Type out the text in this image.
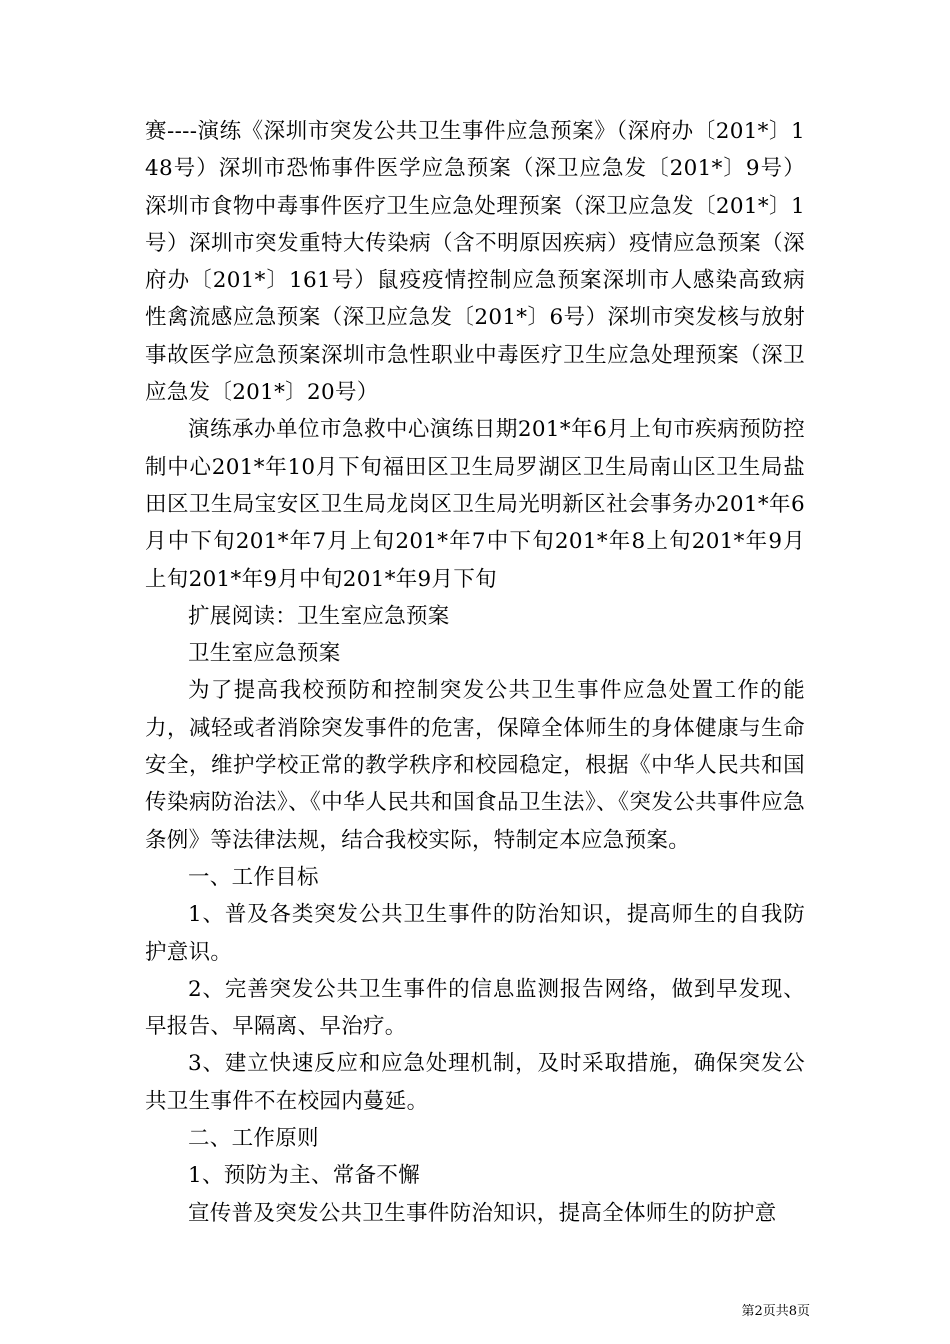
赛----演练《深圳市突发公共卫生事件应急预案》（深府办〔201*〕148号）深圳市恐怖事件医学应急预案（深卫应急发〔201*〕9号）深圳市食物中毒事件医疗卫生应急处理预案（深卫应急发〔201*〕1号）深圳市突发重特大传染病（含不明原因疾病）疫情应急预案（深府办〔201*〕161号）鼠疫疫情控制应急预案深圳市人感染高致病性禽流感应急预案（深卫应急发〔201*〕6号）深圳市突发核与放射事故医学应急预案深圳市急性职业中毒医疗卫生应急处理预案（深卫应急发〔201*〕20号）

演练承办单位市急救中心演练日期201*年6月上旬市疾病预防控制中心201*年10月下旬福田区卫生局罗湖区卫生局南山区卫生局盐田区卫生局宝安区卫生局龙岗区卫生局光明新区社会事务办201*年6月中下旬201*年7月上旬201*年7中下旬201*年8上旬201*年9月上旬201*年9月中旬201*年9月下旬

扩展阅读：卫生室应急预案

卫生室应急预案

为了提高我校预防和控制突发公共卫生事件应急处置工作的能力，减轻或者消除突发事件的危害，保障全体师生的身体健康与生命安全，维护学校正常的教学秩序和校园稳定，根据《中华人民共和国传染病防治法》、《中华人民共和国食品卫生法》、《突发公共事件应急条例》等法律法规，结合我校实际，特制定本应急预案。

一、工作目标

1、普及各类突发公共卫生事件的防治知识，提高师生的自我防护意识。

2、完善突发公共卫生事件的信息监测报告网络，做到早发现、早报告、早隔离、早治疗。

3、建立快速反应和应急处理机制，及时采取措施，确保突发公共卫生事件不在校园内蔓延。

二、工作原则

1、预防为主、常备不懈

宣传普及突发公共卫生事件防治知识，提高全体师生的防护意

第2页共8页
